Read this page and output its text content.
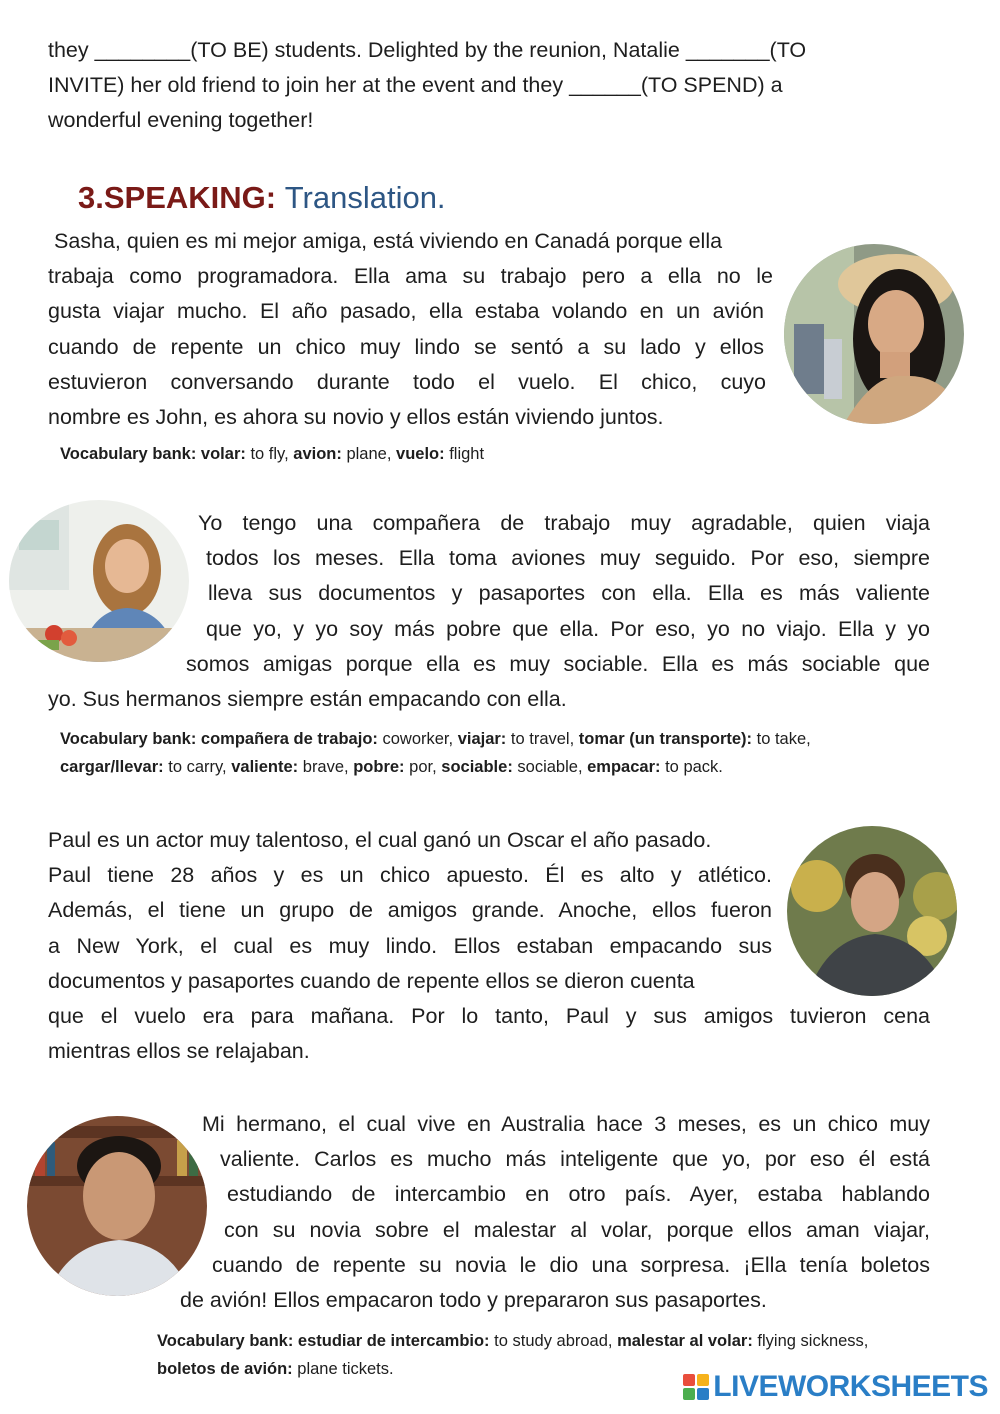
they ________(TO BE) students. Delighted by the reunion, Natalie _______(TO
INVITE) her old friend to join her at the event and they ______(TO SPEND) a
wonderful evening together!
3.SPEAKING: Translation.
Sasha, quien es mi mejor amiga, está viviendo en Canadá porque ella
trabaja como programadora. Ella ama su trabajo pero a ella no le
gusta viajar mucho. El año pasado, ella estaba volando en un avión
cuando de repente un chico muy lindo se sentó a su lado y ellos
estuvieron conversando durante todo el vuelo. El chico, cuyo
nombre es John, es ahora su novio y ellos están viviendo juntos.
Vocabulary bank: volar: to fly, avion: plane, vuelo: flight
Yo tengo una compañera de trabajo muy agradable, quien viaja
todos los meses. Ella toma aviones muy seguido. Por eso, siempre
lleva sus documentos y pasaportes con ella. Ella es más valiente
que yo, y yo soy más pobre que ella. Por eso, yo no viajo. Ella y yo
somos amigas porque ella es muy sociable. Ella es más sociable que
yo. Sus hermanos siempre están empacando con ella.
Vocabulary bank: compañera de trabajo: coworker, viajar: to travel, tomar (un transporte): to take, cargar/llevar: to carry, valiente: brave, pobre: por, sociable: sociable, empacar: to pack.
Paul es un actor muy talentoso, el cual ganó un Oscar el año pasado.
Paul tiene 28 años y es un chico apuesto. Él es alto y atlético.
Además, el tiene un grupo de amigos grande. Anoche, ellos fueron
a New York, el cual es muy lindo. Ellos estaban empacando sus
documentos y pasaportes cuando de repente ellos se dieron cuenta
que el vuelo era para mañana. Por lo tanto, Paul y sus amigos tuvieron cena
mientras ellos se relajaban.
Mi hermano, el cual vive en Australia hace 3 meses, es un chico muy
valiente. Carlos es mucho más inteligente que yo, por eso él está
estudiando de intercambio en otro país. Ayer, estaba hablando
con su novia sobre el malestar al volar, porque ellos aman viajar,
cuando de repente su novia le dio una sorpresa. ¡Ella tenía boletos
de avión! Ellos empacaron todo y prepararon sus pasaportes.
Vocabulary bank: estudiar de intercambio: to study abroad, malestar al volar: flying sickness,
boletos de avión: plane tickets.
LIVEWORKSHEETS
